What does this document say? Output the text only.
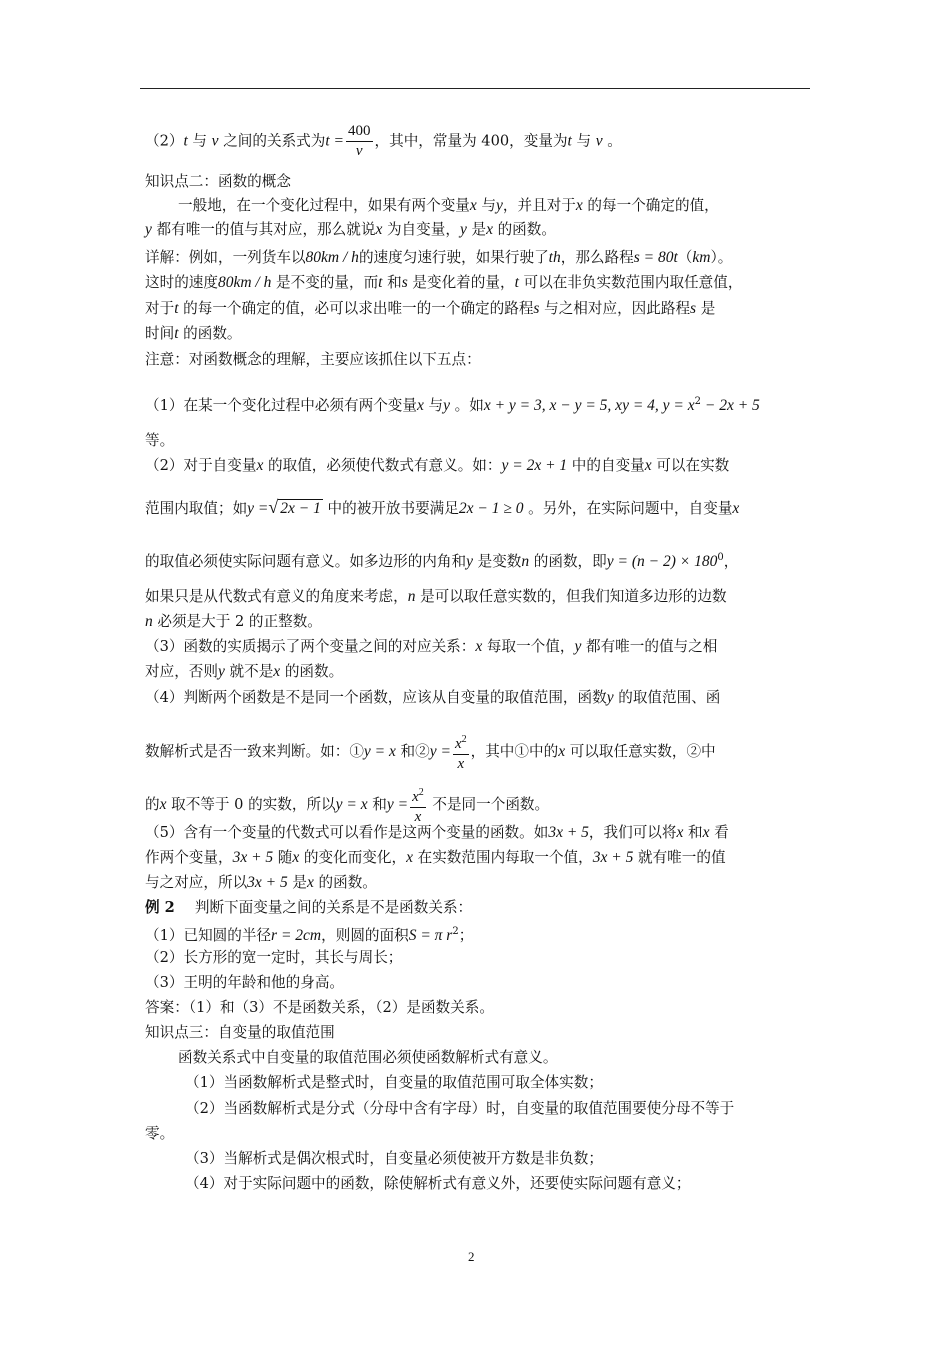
（2）t 与 v 之间的关系式为$t = \frac{400}{v}$ ，其中，常量为 400，变量为t 与 v 。
知识点二：函数的概念
一般地，在一个变化过程中，如果有两个变量x 与y，并且对于x 的每一个确定的值，
y 都有唯一的值与其对应，那么就说x 为自变量，y 是x 的函数。
详解：例如，一列货车以80km / h的速度匀速行驶，如果行驶了th，那么路程s = 80t（km）。
这时的速度80km / h 是不变的量，而t 和s 是变化着的量，t 可以在非负实数范围内取任意值，
对于t 的每一个确定的值，必可以求出唯一的一个确定的路程s 与之相对应，因此路程s 是
时间t 的函数。
注意：对函数概念的理解，主要应该抓住以下五点：
（1）在某一个变化过程中必须有两个变量x 与y 。如x + y = 3, x − y = 5, xy = 4, $y = x^2 - 2x + 5$
等。
（2）对于自变量x 的取值，必须使代数式有意义。如：y = 2x + 1 中的自变量x 可以在实数
范围内取值；如y =√ 2x − 1 中的被开放书要满足2x − 1 ≥ 0 。另外，在实际问题中，自变量x
的取值必须使实际问题有意义。如多边形的内角和y 是变数n 的函数，即$y = (n - 2) \times 180^0$，
如果只是从代数式有意义的角度来考虑，n 是可以取任意实数的，但我们知道多边形的边数
n 必须是大于 2 的正整数。
（3）函数的实质揭示了两个变量之间的对应关系：x 每取一个值，y 都有唯一的值与之相
对应，否则y 就不是x 的函数。
（4）判断两个函数是不是同一个函数，应该从自变量的取值范围，函数y 的取值范围、函
数解析式是否一致来判断。如：①y = x 和②y = $\frac{x^2}{x}$ ，其中①中的x 可以取任意实数，②中
的x 取不等于 0 的实数，所以y = x 和$y = \frac{x^2}{x}$ 不是同一个函数。
（5）含有一个变量的代数式可以看作是这两个变量的函数。如3x + 5，我们可以将x 和x 看
作两个变量，3x + 5 随x 的变化而变化，x 在实数范围内每取一个值，3x + 5 就有唯一的值
与之对应，所以3x + 5 是x 的函数。
例 2 判断下面变量之间的关系是不是函数关系：
（1）已知圆的半径r = 2cm，则圆的面积S = π $r^2$；
（2）长方形的宽一定时，其长与周长；
（3）王明的年龄和他的身高。
答案：（1）和（3）不是函数关系，（2）是函数关系。
知识点三：自变量的取值范围
函数关系式中自变量的取值范围必须使函数解析式有意义。
（1）当函数解析式是整式时，自变量的取值范围可取全体实数；
（2）当函数解析式是分式（分母中含有字母）时，自变量的取值范围要使分母不等于
零。
（3）当解析式是偶次根式时，自变量必须使被开方数是非负数；
（4）对于实际问题中的函数，除使解析式有意义外，还要使实际问题有意义；
2
